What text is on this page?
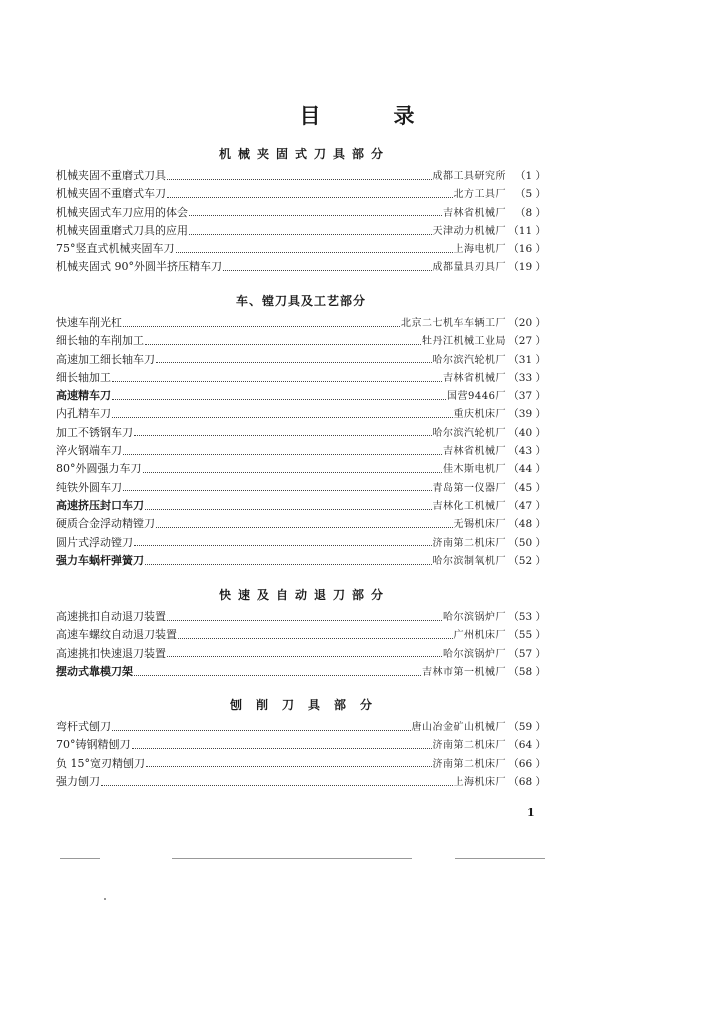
目　录
机械夹固式刀具部分
机械夹固不重磨式刀具	成都工具研究所 （1 ）
机械夹固不重磨式车刀	北方工具厂 （5 ）
机械夹固式车刀应用的体会	吉林省机械厂 （8 ）
机械夹固重磨式刀具的应用	天津动力机械厂 （11 ）
75°竖直式机械夹固车刀	上海电机厂 （16 ）
机械夹固式 90°外圆半挤压精车刀	成都量具刃具厂 （19 ）
车、镗刀具及工艺部分
快速车削光杠	北京二七机车车辆工厂 （20 ）
细长轴的车削加工	牡丹江机械工业局 （27 ）
高速加工细长轴车刀	哈尔滨汽轮机厂 （31 ）
细长轴加工	吉林省机械厂 （33 ）
高速精车刀	国营9446厂 （37 ）
内孔精车刀	重庆机床厂 （39 ）
加工不锈钢车刀	哈尔滨汽轮机厂 （40 ）
淬火钢端车刀	吉林省机械厂 （43 ）
80°外圆强力车刀	佳木斯电机厂 （44 ）
纯铁外圆车刀	青岛第一仪器厂 （45 ）
高速挤压封口车刀	吉林化工机械厂 （47 ）
硬质合金浮动精镗刀	无锡机床厂 （48 ）
圆片式浮动镗刀	济南第二机床厂 （50 ）
强力车蜗杆弹簧刀	哈尔滨制氧机厂 （52 ）
快速及自动退刀部分
高速挑扣自动退刀装置	哈尔滨锅炉厂 （53 ）
高速车螺纹自动退刀装置	广州机床厂 （55 ）
高速挑扣快速退刀装置	哈尔滨锅炉厂 （57 ）
摆动式靠模刀架	吉林市第一机械厂 （58 ）
刨削刀具部分
弯杆式刨刀	唐山冶金矿山机械厂 （59 ）
70°铸钢精刨刀	济南第二机床厂 （64 ）
负 15°宽刃精刨刀	济南第二机床厂 （66 ）
强力刨刀	上海机床厂 （68 ）
1
